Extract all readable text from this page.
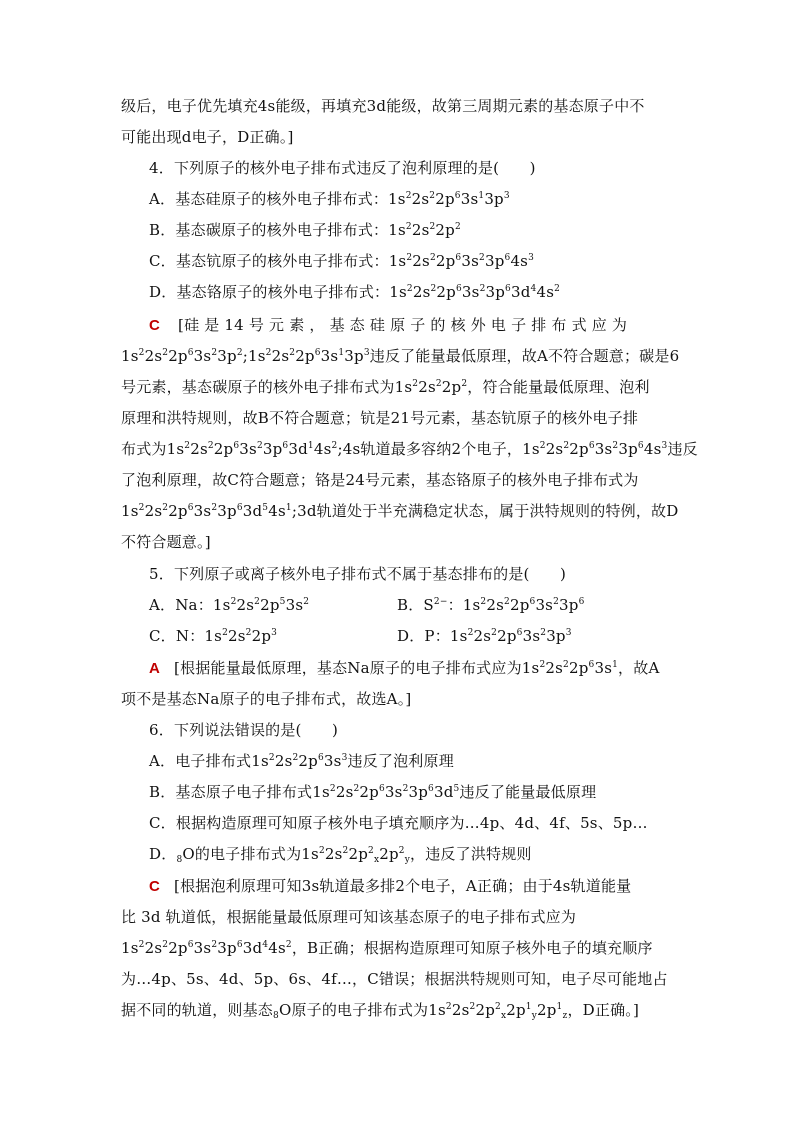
级后，电子优先填充4s能级，再填充3d能级，故第三周期元素的基态原子中不
可能出现d电子，D正确。]
4．下列原子的核外电子排布式违反了泡利原理的是(　　)
A．基态硅原子的核外电子排布式：$1s^22s^22p^63s^13p^3$
B．基态碳原子的核外电子排布式：$1s^22s^22p^2$
C．基态钪原子的核外电子排布式：$1s^22s^22p^63s^23p^64s^3$
D．基态铬原子的核外电子排布式：$1s^22s^22p^63s^23p^63d^44s^2$
C [硅 是 14 号 元 素 ， 基 态 硅 原 子 的 核 外 电 子 排 布 式 应 为
$1s^22s^22p^63s^23p^2;1s^22s^22p^63s^13p^3$违反了能量最低原理，故A不符合题意；碳是6
号元素，基态碳原子的核外电子排布式为$1s^22s^22p^2$，符合能量最低原理、泡利
原理和洪特规则，故B不符合题意；钪是21号元素，基态钪原子的核外电子排
布式为$1s^22s^22p^63s^23p^63d^14s^2;4s$轨道最多容纳2个电子，$1s^22s^22p^63s^23p^64s^3$违反
了泡利原理，故C符合题意；铬是24号元素，基态铬原子的核外电子排布式为
$1s^22s^22p^63s^23p^63d^54s^1;3d$轨道处于半充满稳定状态，属于洪特规则的特例，故D
不符合题意。]
5．下列原子或离子核外电子排布式不属于基态排布的是(　　)
A．Na：$1s^22s^22p^53s^2$	B．$S^{2-}$：$1s^22s^22p^63s^23p^6$
C．N：$1s^22s^22p^3$	D．P：$1s^22s^22p^63s^23p^3$
A [根据能量最低原理，基态Na原子的电子排布式应为$1s^22s^22p^63s^1$，故A
项不是基态Na原子的电子排布式，故选A。]
6．下列说法错误的是(　　)
A．电子排布式$1s^22s^22p^63s^3$违反了泡利原理
B．基态原子电子排布式$1s^22s^22p^63s^23p^63d^5$违反了能量最低原理
C．根据构造原理可知原子核外电子填充顺序为…4p、4d、4f、5s、5p…
D．$_8$O的电子排布式为$1s^22s^22p^2_x2p^2_y$，违反了洪特规则
C [根据泡利原理可知3s轨道最多排2个电子，A正确；由于4s轨道能量
比 3d 轨道低，根据能量最低原理可知该基态原子的电子排布式应为
$1s^22s^22p^63s^23p^63d^44s^2$，B正确；根据构造原理可知原子核外电子的填充顺序
为…4p、5s、4d、5p、6s、4f…，C错误；根据洪特规则可知，电子尽可能地占
据不同的轨道，则基态$_8$O原子的电子排布式为$1s^22s^22p^2_x2p^1_y2p^1_z$，D正确。]
